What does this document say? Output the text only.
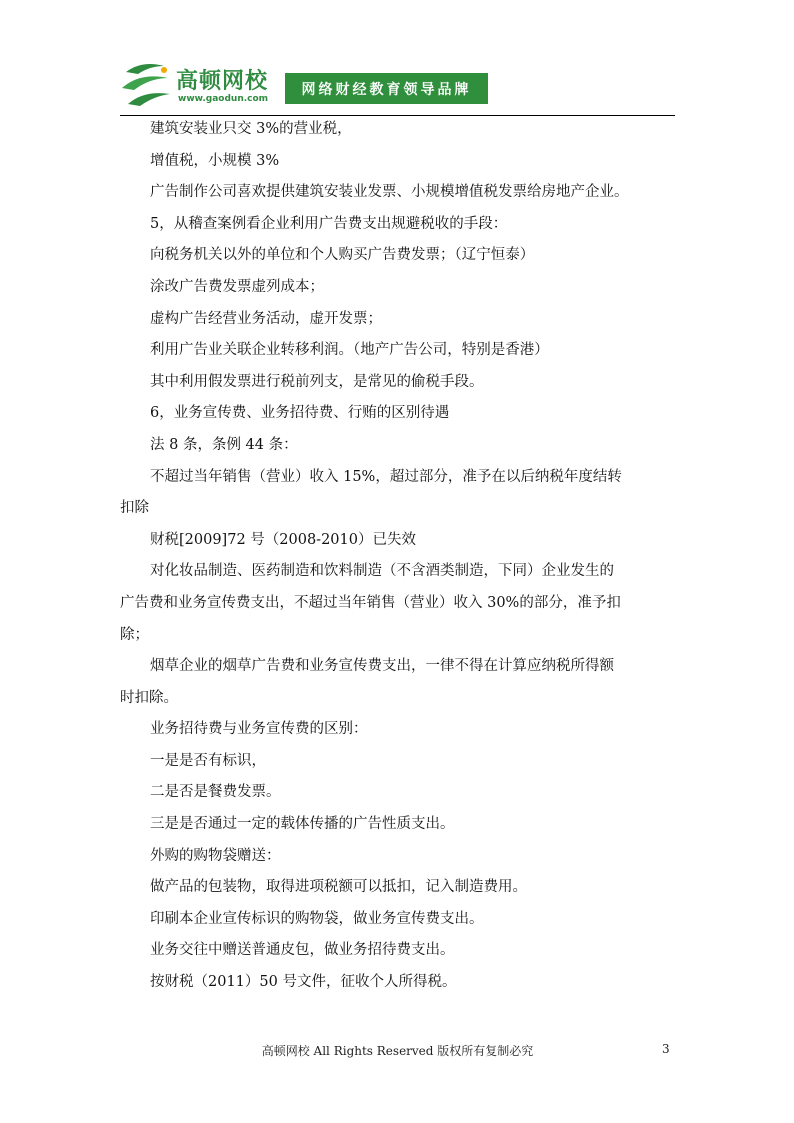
高顿网校
www.gaodun.com
网络财经教育领导品牌
建筑安装业只交 3%的营业税，
增值税，小规模 3%
广告制作公司喜欢提供建筑安装业发票、小规模增值税发票给房地产企业。
5，从稽查案例看企业利用广告费支出规避税收的手段：
向税务机关以外的单位和个人购买广告费发票；（辽宁恒泰）
涂改广告费发票虚列成本；
虚构广告经营业务活动，虚开发票；
利用广告业关联企业转移利润。（地产广告公司，特别是香港）
其中利用假发票进行税前列支，是常见的偷税手段。
6，业务宣传费、业务招待费、行贿的区别待遇
法 8 条，条例 44 条：
不超过当年销售（营业）收入 15%，超过部分，准予在以后纳税年度结转
扣除
财税[2009]72 号（2008-2010）已失效
对化妆品制造、医药制造和饮料制造（不含酒类制造，下同）企业发生的
广告费和业务宣传费支出，不超过当年销售（营业）收入 30%的部分，准予扣
除；
烟草企业的烟草广告费和业务宣传费支出，一律不得在计算应纳税所得额
时扣除。
业务招待费与业务宣传费的区别：
一是是否有标识，
二是否是餐费发票。
三是是否通过一定的载体传播的广告性质支出。
外购的购物袋赠送：
做产品的包装物，取得进项税额可以抵扣，记入制造费用。
印刷本企业宣传标识的购物袋，做业务宣传费支出。
业务交往中赠送普通皮包，做业务招待费支出。
按财税（2011）50 号文件，征收个人所得税。
高顿网校 All Rights Reserved 版权所有复制必究	3
